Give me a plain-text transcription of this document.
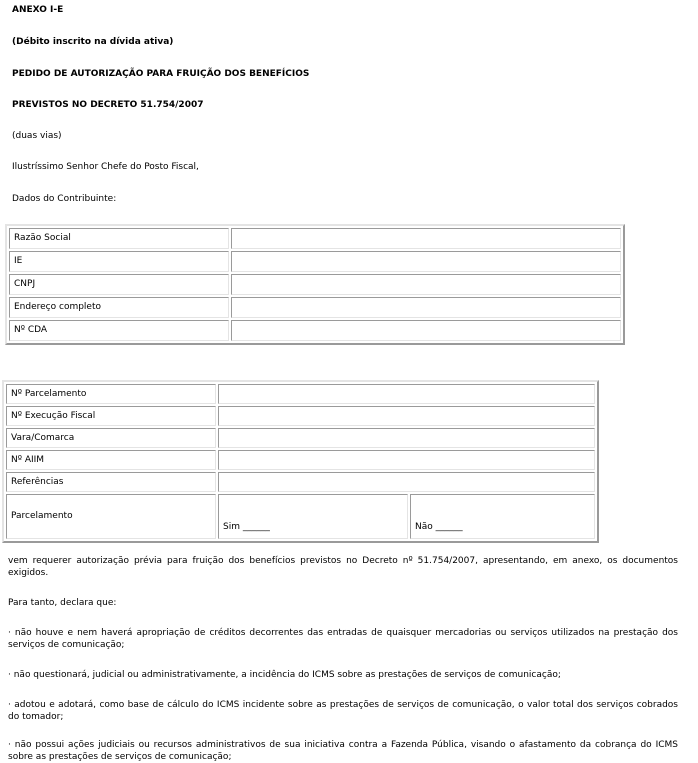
ANEXO I-E
(Débito inscrito na dívida ativa)
PEDIDO DE AUTORIZAÇÃO PARA FRUIÇÃO DOS BENEFÍCIOS
PREVISTOS NO DECRETO 51.754/2007
(duas vias)
Ilustríssimo Senhor Chefe do Posto Fiscal,
Dados do Contribuinte:
Razão Social	
IE	
CNPJ	
Endereço completo	
Nº CDA	
Nº Parcelamento		
Nº Execução Fiscal		
Vara/Comarca		
Nº AIIM		
Referências		
Parcelamento	Sim ______	Não ______
vem requerer autorização prévia para fruição dos benefícios previstos no Decreto nº 51.754/2007, apresentando, em anexo, os documentos exigidos.
Para tanto, declara que:
· não houve e nem haverá apropriação de créditos decorrentes das entradas de quaisquer mercadorias ou serviços utilizados na prestação dos serviços de comunicação;
· não questionará, judicial ou administrativamente, a incidência do ICMS sobre as prestações de serviços de comunicação;
· adotou e adotará, como base de cálculo do ICMS incidente sobre as prestações de serviços de comunicação, o valor total dos serviços cobrados do tomador;
· não possui ações judiciais ou recursos administrativos de sua iniciativa contra a Fazenda Pública, visando o afastamento da cobrança do ICMS sobre as prestações de serviços de comunicação;
